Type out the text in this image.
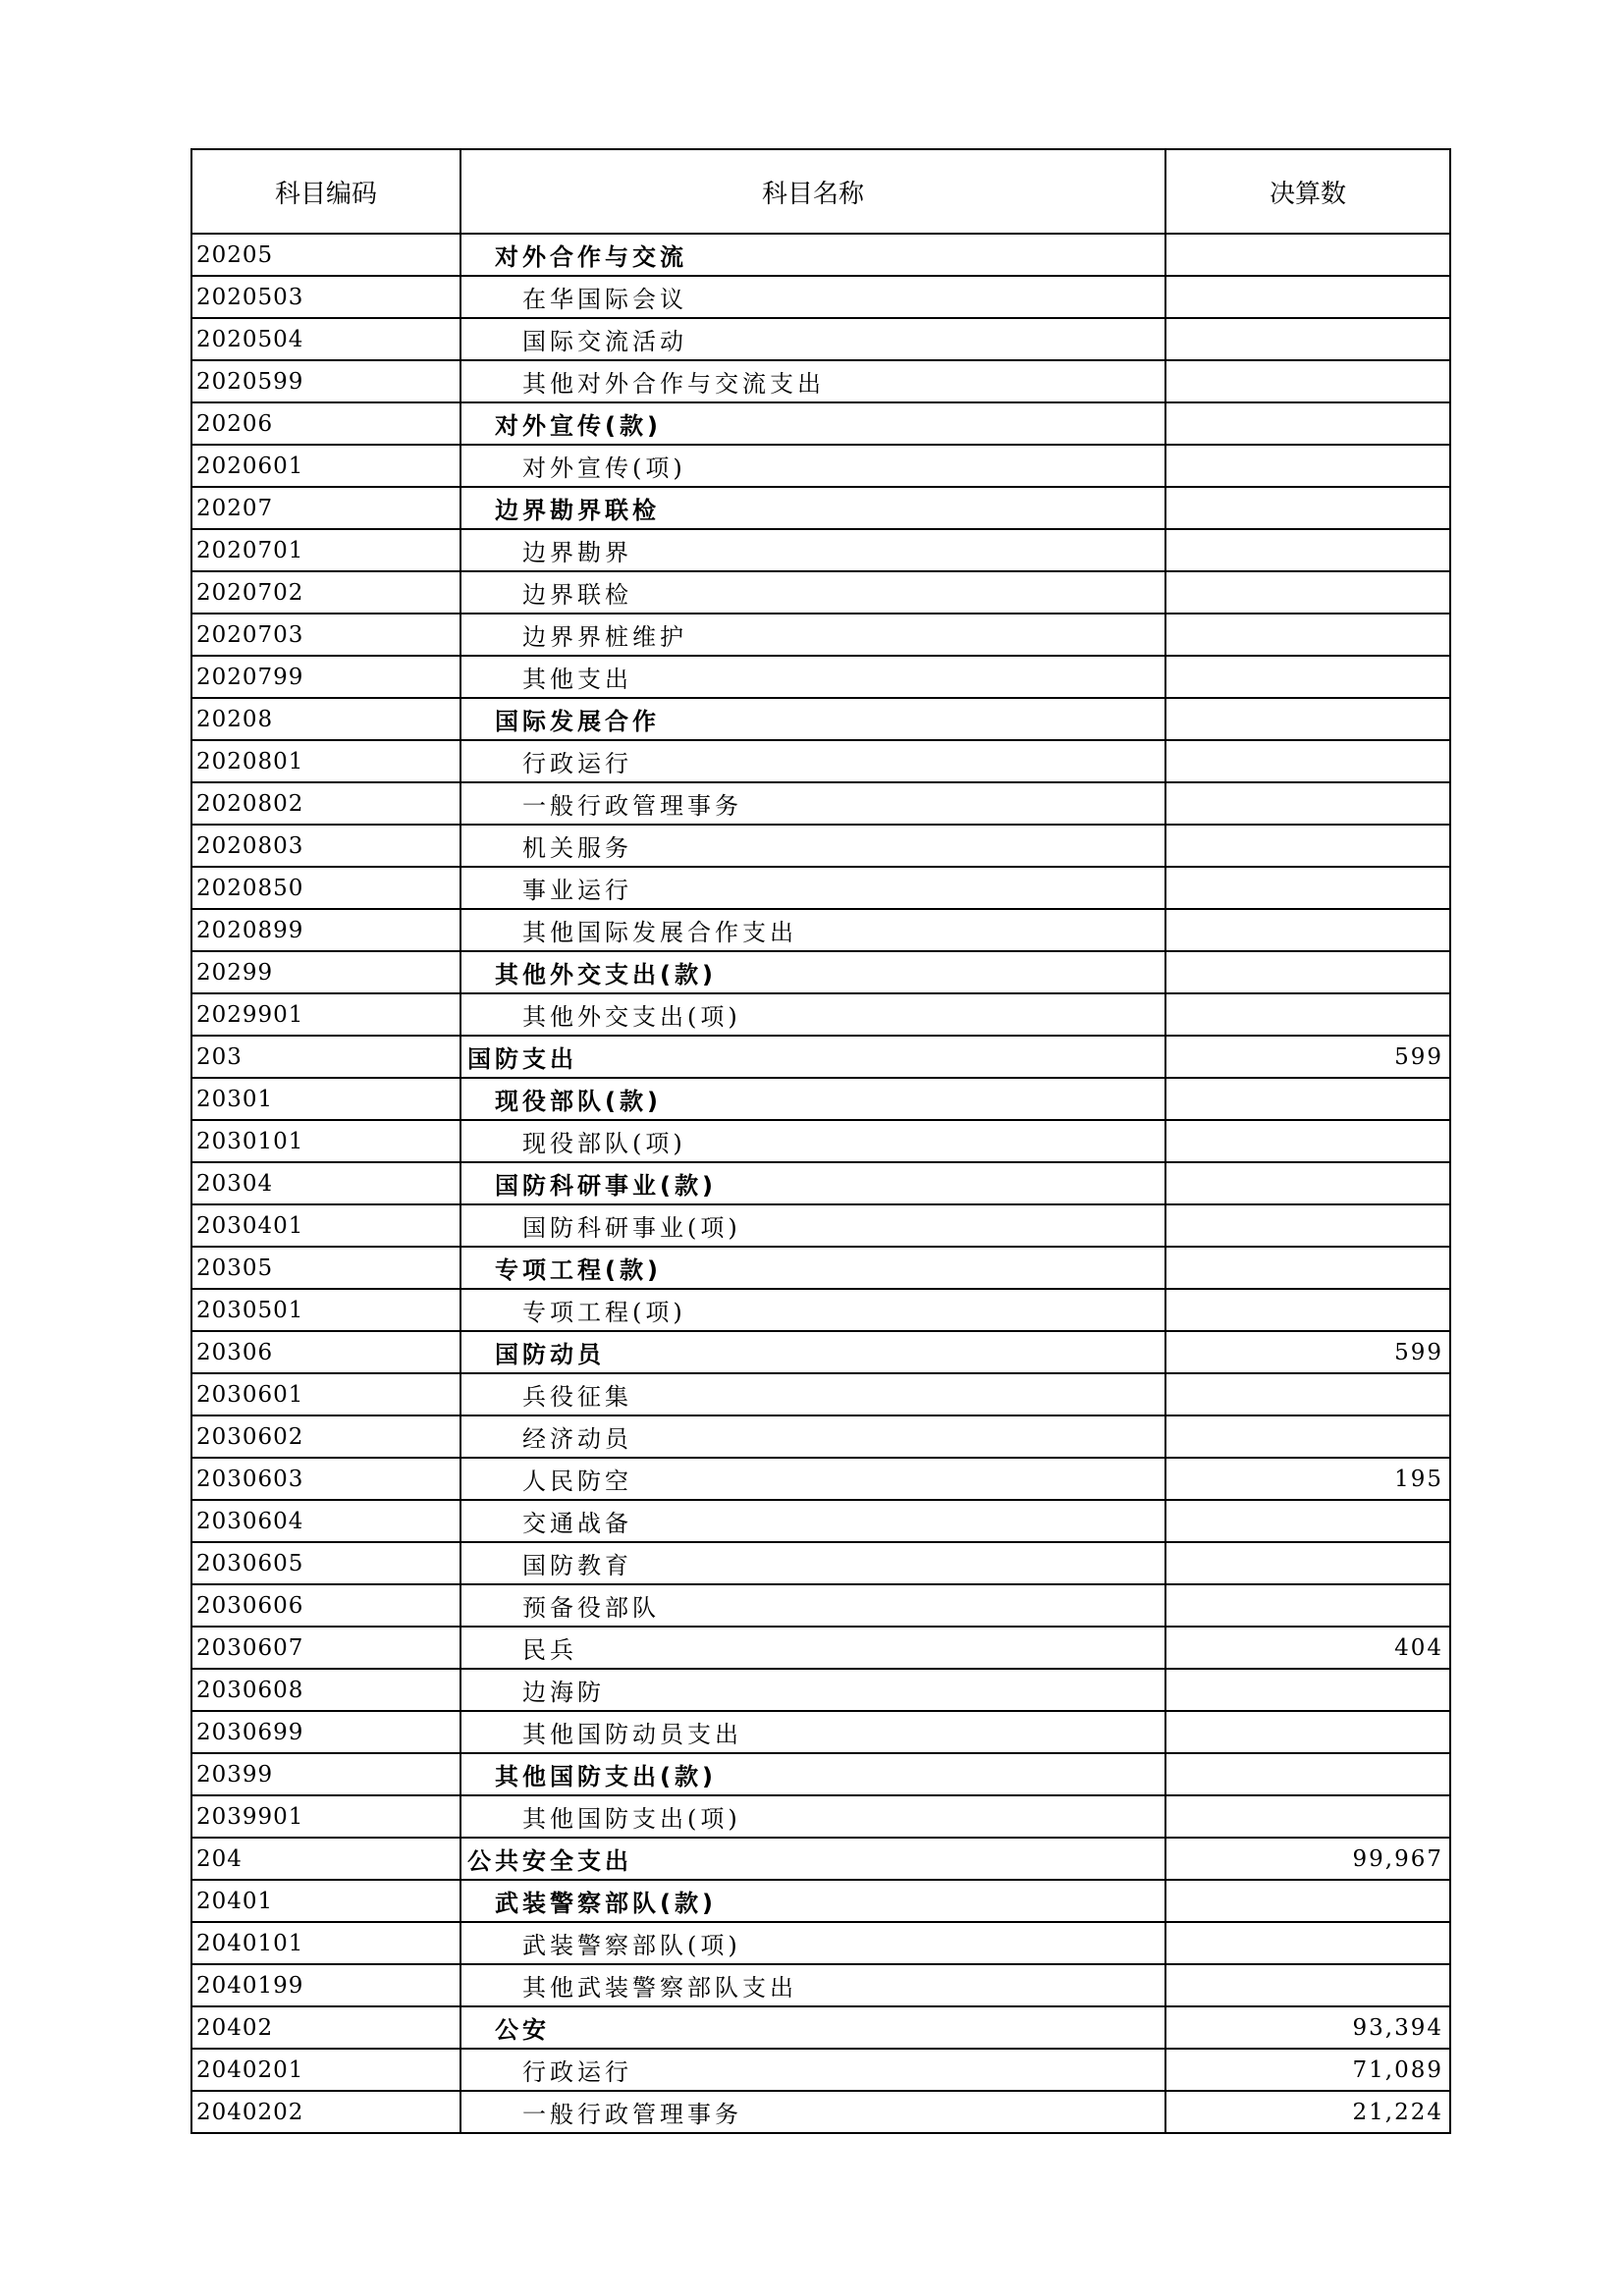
科目编码	科目名称	决算数
20205	对外合作与交流	
2020503	在华国际会议	
2020504	国际交流活动	
2020599	其他对外合作与交流支出	
20206	对外宣传(款)	
2020601	对外宣传(项)	
20207	边界勘界联检	
2020701	边界勘界	
2020702	边界联检	
2020703	边界界桩维护	
2020799	其他支出	
20208	国际发展合作	
2020801	行政运行	
2020802	一般行政管理事务	
2020803	机关服务	
2020850	事业运行	
2020899	其他国际发展合作支出	
20299	其他外交支出(款)	
2029901	其他外交支出(项)	
203	国防支出	599
20301	现役部队(款)	
2030101	现役部队(项)	
20304	国防科研事业(款)	
2030401	国防科研事业(项)	
20305	专项工程(款)	
2030501	专项工程(项)	
20306	国防动员	599
2030601	兵役征集	
2030602	经济动员	
2030603	人民防空	195
2030604	交通战备	
2030605	国防教育	
2030606	预备役部队	
2030607	民兵	404
2030608	边海防	
2030699	其他国防动员支出	
20399	其他国防支出(款)	
2039901	其他国防支出(项)	
204	公共安全支出	99,967
20401	武装警察部队(款)	
2040101	武装警察部队(项)	
2040199	其他武装警察部队支出	
20402	公安	93,394
2040201	行政运行	71,089
2040202	一般行政管理事务	21,224
